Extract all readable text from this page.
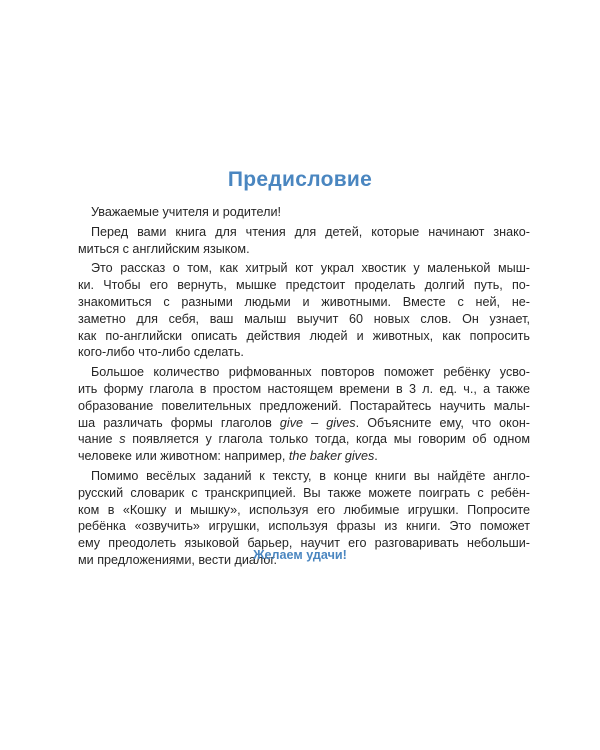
Предисловие
Уважаемые учителя и родители!
Перед вами книга для чтения для детей, которые начинают знако-
миться с английским языком.
Это рассказ о том, как хитрый кот украл хвостик у маленькой мыш-
ки. Чтобы его вернуть, мышке предстоит проделать долгий путь, по-
знакомиться с разными людьми и животными. Вместе с ней, не-
заметно для себя, ваш малыш выучит 60 новых слов. Он узнает,
как по-английски описать действия людей и животных, как попросить
кого-либо что-либо сделать.
Большое количество рифмованных повторов поможет ребёнку усво-
ить форму глагола в простом настоящем времени в 3 л. ед. ч., а также
образование повелительных предложений. Постарайтесь научить малы-
ша различать формы глаголов give – gives. Объясните ему, что окон-
чание s появляется у глагола только тогда, когда мы говорим об одном
человеке или животном: например, the baker gives.
Помимо весёлых заданий к тексту, в конце книги вы найдёте англо-
русский словарик с транскрипцией. Вы также можете поиграть с ребён-
ком в «Кошку и мышку», используя его любимые игрушки. Попросите
ребёнка «озвучить» игрушки, используя фразы из книги. Это поможет
ему преодолеть языковой барьер, научит его разговаривать небольши-
ми предложениями, вести диалог.
Желаем удачи!
